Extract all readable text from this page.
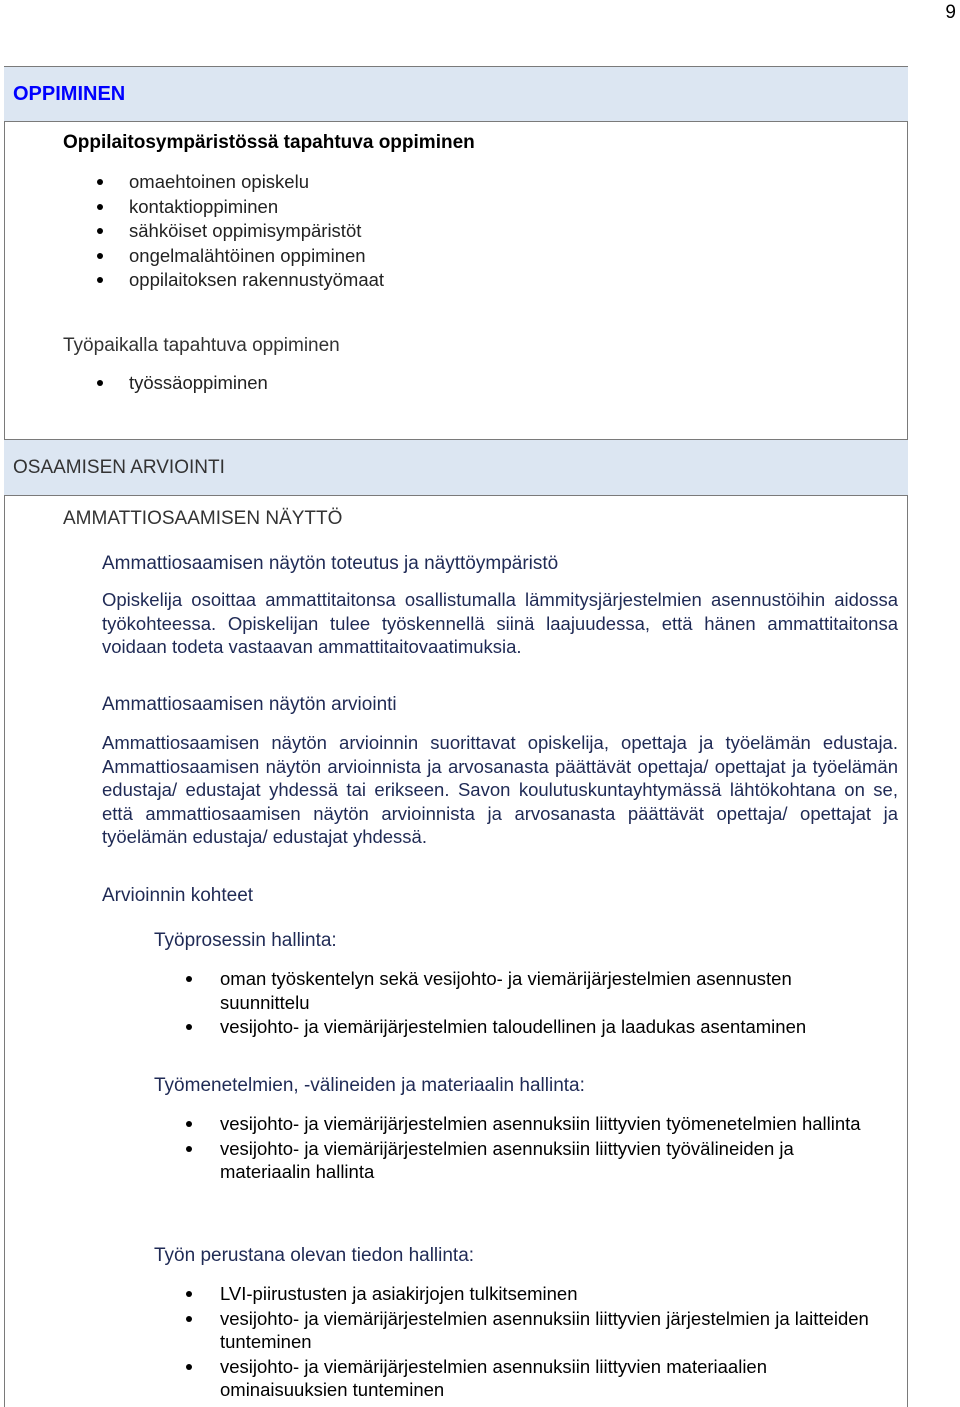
9
OPPIMINEN
Oppilaitosympäristössä tapahtuva oppiminen
omaehtoinen opiskelu
kontaktioppiminen
sähköiset oppimisympäristöt
ongelmalähtöinen oppiminen
oppilaitoksen rakennustyömaat
Työpaikalla tapahtuva oppiminen
työssäoppiminen
OSAAMISEN ARVIOINTI
AMMATTIOSAAMISEN NÄYTTÖ
Ammattiosaamisen näytön toteutus ja näyttöympäristö
Opiskelija osoittaa ammattitaitonsa osallistumalla lämmitysjärjestelmien asennustöihin aidossa työkohteessa. Opiskelijan tulee työskennellä siinä laajuudessa, että hänen ammattitaitonsa voidaan todeta vastaavan ammattitaitovaatimuksia.
Ammattiosaamisen näytön arviointi
Ammattiosaamisen näytön arvioinnin suorittavat opiskelija, opettaja ja työelämän edustaja. Ammattiosaamisen näytön arvioinnista ja arvosanasta päättävät opettaja/ opettajat ja työelämän edustaja/ edustajat yhdessä tai erikseen. Savon koulutuskuntayhtymässä lähtökohtana on se, että ammattiosaamisen näytön arvioinnista ja arvosanasta päättävät opettaja/ opettajat ja työelämän edustaja/ edustajat yhdessä.
Arvioinnin kohteet
Työprosessin hallinta:
oman työskentelyn sekä vesijohto- ja viemärijärjestelmien asennusten suunnittelu
vesijohto- ja viemärijärjestelmien taloudellinen ja laadukas asentaminen
Työmenetelmien, -välineiden ja materiaalin hallinta:
vesijohto- ja viemärijärjestelmien asennuksiin liittyvien työmenetelmien hallinta
vesijohto- ja viemärijärjestelmien asennuksiin liittyvien työvälineiden ja materiaalin hallinta
Työn perustana olevan tiedon hallinta:
LVI-piirustusten ja asiakirjojen tulkitseminen
vesijohto- ja viemärijärjestelmien asennuksiin liittyvien järjestelmien ja laitteiden tunteminen
vesijohto- ja viemärijärjestelmien asennuksiin liittyvien materiaalien ominaisuuksien tunteminen
